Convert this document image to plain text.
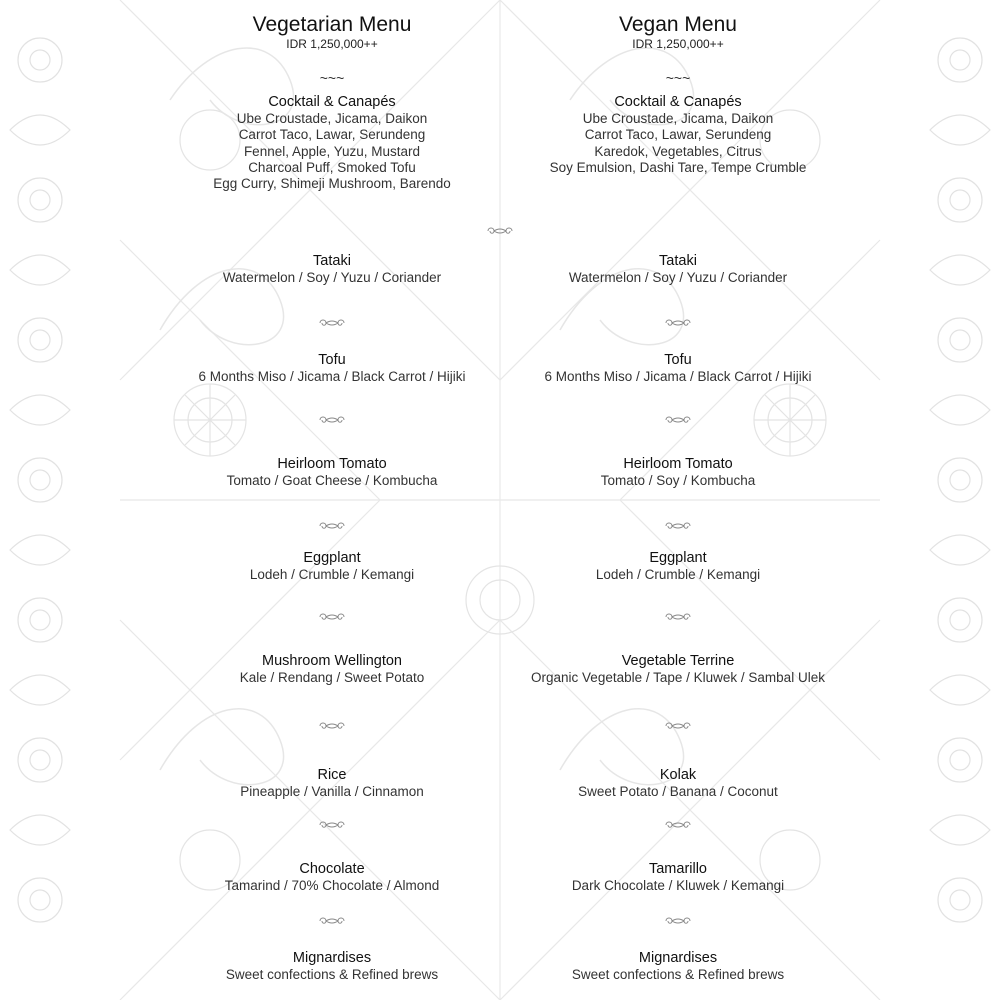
Vegetarian Menu
IDR 1,250,000++
~~~
Cocktail & Canapés
Ube Croustade, Jicama, Daikon
Carrot Taco, Lawar, Serundeng
Fennel, Apple, Yuzu, Mustard
Charcoal Puff, Smoked Tofu
Egg Curry, Shimeji Mushroom, Barendo
Tataki
Watermelon / Soy / Yuzu / Coriander
Tofu
6 Months Miso / Jicama / Black Carrot / Hijiki
Heirloom Tomato
Tomato / Goat Cheese / Kombucha
Eggplant
Lodeh / Crumble / Kemangi
Mushroom Wellington
Kale / Rendang / Sweet Potato
Rice
Pineapple / Vanilla / Cinnamon
Chocolate
Tamarind / 70% Chocolate / Almond
Mignardises
Sweet confections & Refined brews
Vegan Menu
IDR 1,250,000++
~~~
Cocktail & Canapés
Ube Croustade, Jicama, Daikon
Carrot Taco, Lawar, Serundeng
Karedok, Vegetables, Citrus
Soy Emulsion, Dashi Tare, Tempe Crumble
Tataki
Watermelon / Soy / Yuzu / Coriander
Tofu
6 Months Miso / Jicama / Black Carrot / Hijiki
Heirloom Tomato
Tomato / Soy / Kombucha
Eggplant
Lodeh / Crumble / Kemangi
Vegetable Terrine
Organic Vegetable / Tape / Kluwek / Sambal Ulek
Kolak
Sweet Potato / Banana / Coconut
Tamarillo
Dark Chocolate / Kluwek / Kemangi
Mignardises
Sweet confections & Refined brews
